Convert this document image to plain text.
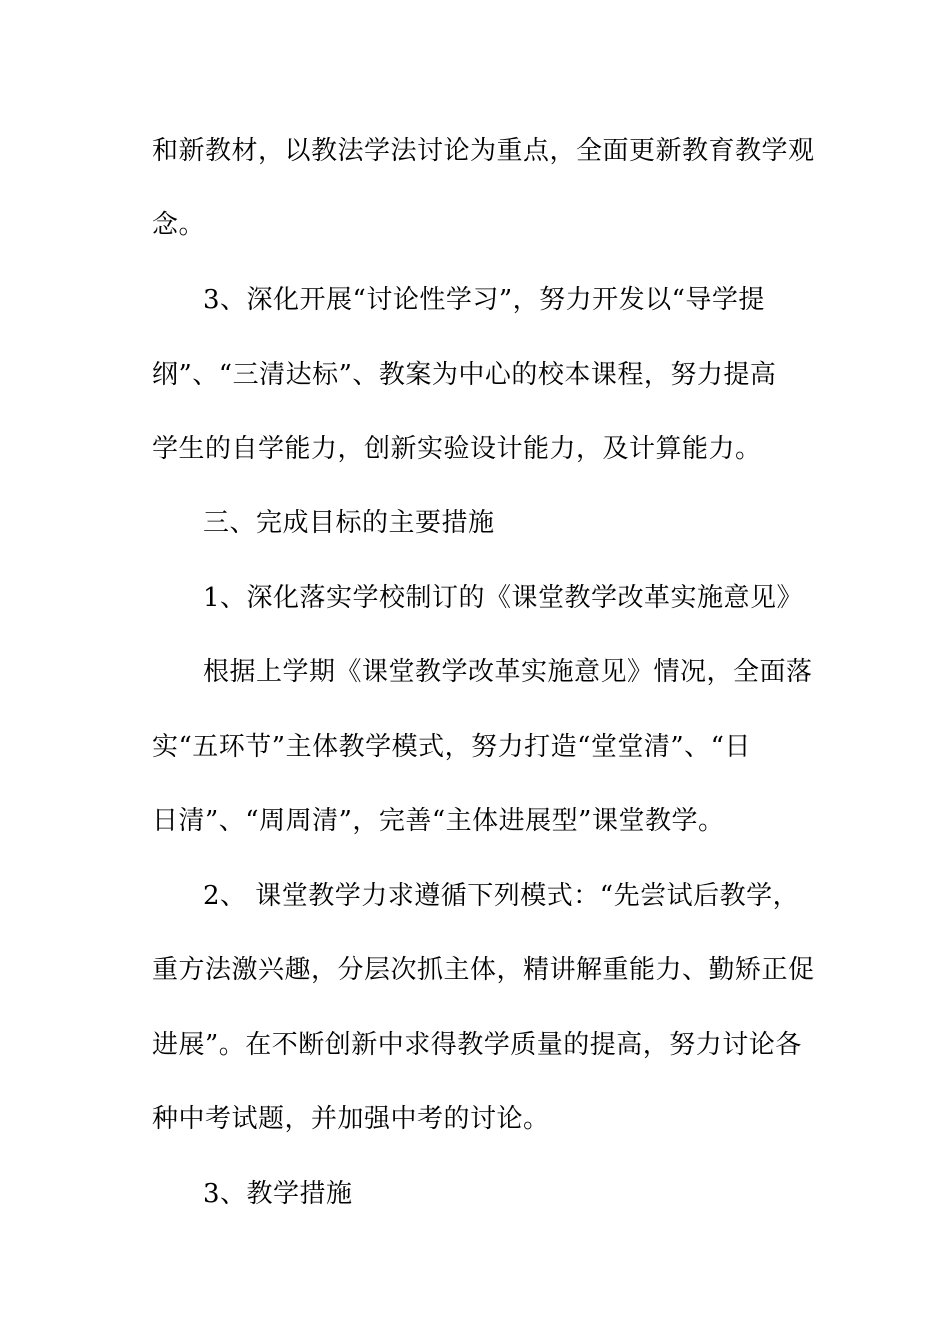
和新教材，以教法学法讨论为重点，全面更新教育教学观
念。
3、深化开展“讨论性学习”，努力开发以“导学提
纲”、“三清达标”、教案为中心的校本课程，努力提高
学生的自学能力，创新实验设计能力，及计算能力。
三、完成目标的主要措施
1、深化落实学校制订的《课堂教学改革实施意见》
根据上学期《课堂教学改革实施意见》情况，全面落
实“五环节”主体教学模式，努力打造“堂堂清”、“日
日清”、“周周清”，完善“主体进展型”课堂教学。
2、 课堂教学力求遵循下列模式：“先尝试后教学，
重方法激兴趣，分层次抓主体，精讲解重能力、勤矫正促
进展”。在不断创新中求得教学质量的提高，努力讨论各
种中考试题，并加强中考的讨论。
3、教学措施
